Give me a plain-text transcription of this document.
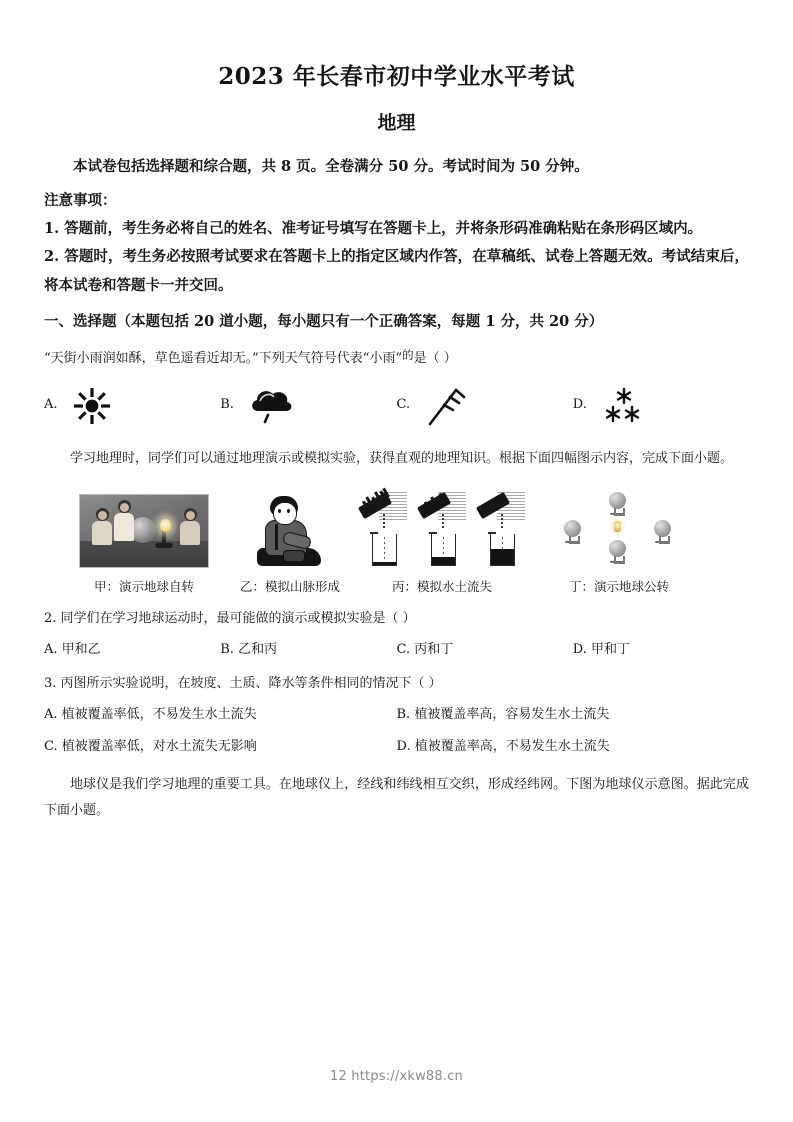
2023 年长春市初中学业水平考试
地理

本试卷包括选择题和综合题，共 8 页。全卷满分 50 分。考试时间为 50 分钟。

注意事项：

1. 答题前，考生务必将自己的姓名、准考证号填写在答题卡上，并将条形码准确粘贴在条形码区域内。

2. 答题时，考生务必按照考试要求在答题卡上的指定区域内作答，在草稿纸、试卷上答题无效。考试结束后，将本试卷和答题卡一并交回。

一、选择题（本题包括 20 道小题，每小题只有一个正确答案，每题 1 分，共 20 分）

“天街小雨润如酥，草色遥看近却无。”下列天气符号代表“小雨”的是（ ）

A.	B.	C.	D.

学习地理时，同学们可以通过地理演示或模拟实验，获得直观的地理知识。根据下面四幅图示内容，完成下面小题。

甲：演示地球自转	乙：模拟山脉形成	丙：模拟水土流失	丁：演示地球公转

2. 同学们在学习地球运动时，最可能做的演示或模拟实验是（ ）

A. 甲和乙	B. 乙和丙	C. 丙和丁	D. 甲和丁

3. 丙图所示实验说明，在坡度、土质、降水等条件相同的情况下（ ）

A. 植被覆盖率低，不易发生水土流失	B. 植被覆盖率高，容易发生水土流失
C. 植被覆盖率低，对水土流失无影响	D. 植被覆盖率高，不易发生水土流失

地球仪是我们学习地理的重要工具。在地球仪上，经线和纬线相互交织，形成经纬网。下图为地球仪示意图。据此完成下面小题。

12 https://xkw88.cn
